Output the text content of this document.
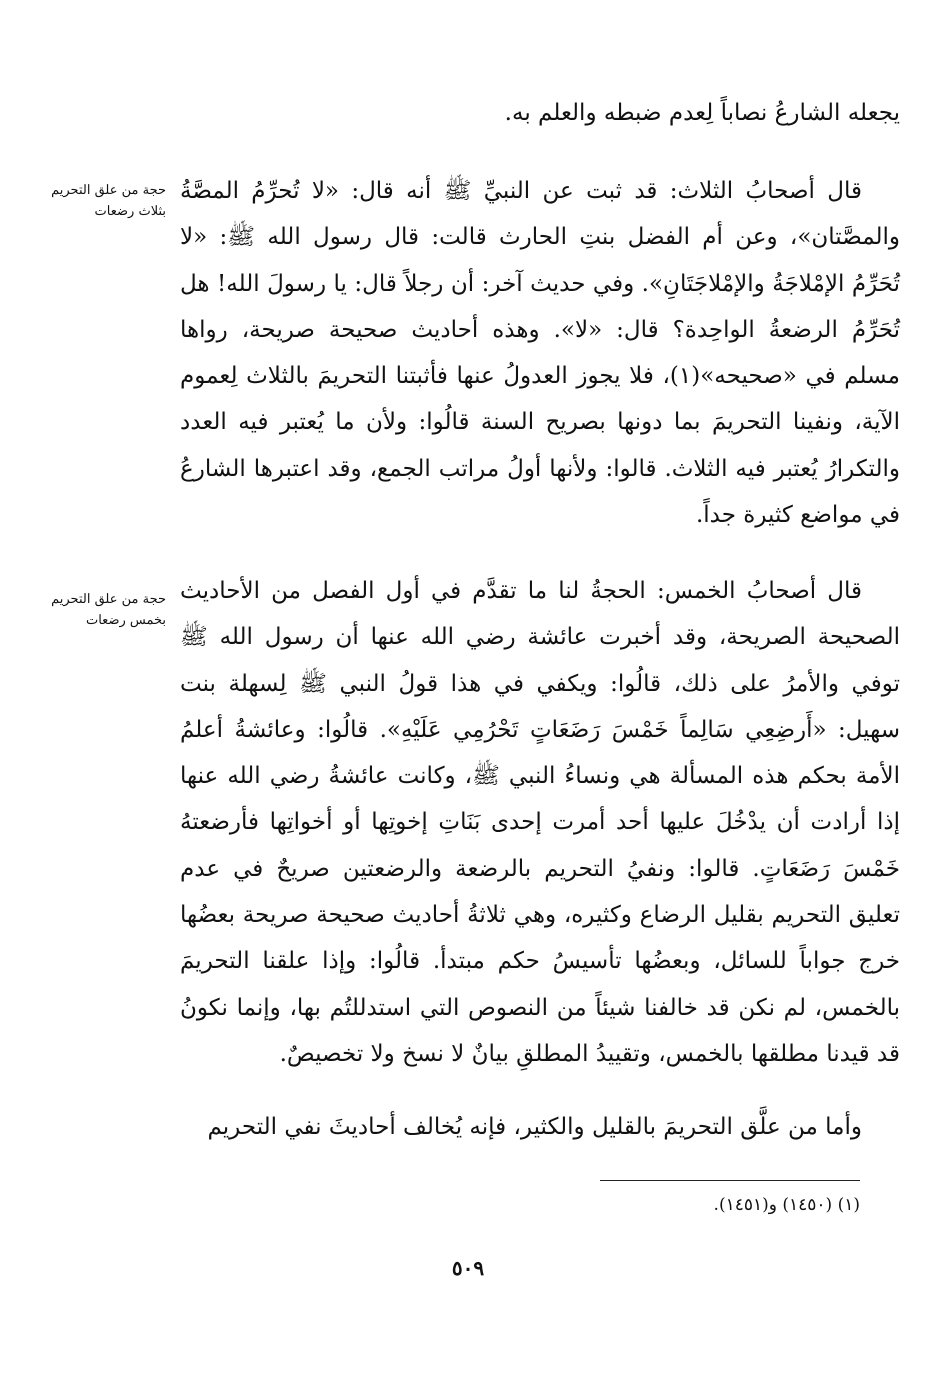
يجعله الشارعُ نصاباً لِعدم ضبطه والعلم به.

حجة من علق التحريم بثلاث رضعات

قال أصحابُ الثلاث: قد ثبت عن النبيِّ ﷺ أنه قال: «لا تُحرِّمُ المصَّةُ والمصَّتان»، وعن أم الفضل بنتِ الحارث قالت: قال رسول الله ﷺ: «لا تُحَرِّمُ الإمْلاجَةُ والإمْلاجَتَانِ». وفي حديث آخر: أن رجلاً قال: يا رسولَ الله! هل تُحَرِّمُ الرضعةُ الواحِدة؟ قال: «لا». وهذه أحاديث صحيحة صريحة، رواها مسلم في «صحيحه»(١)، فلا يجوز العدولُ عنها فأثبتنا التحريمَ بالثلاث لِعموم الآية، ونفينا التحريمَ بما دونها بصريح السنة قالُوا: ولأن ما يُعتبر فيه العدد والتكرارُ يُعتبر فيه الثلاث. قالوا: ولأنها أولُ مراتب الجمع، وقد اعتبرها الشارعُ في مواضع كثيرة جداً.

حجة من علق التحريم بخمس رضعات

قال أصحابُ الخمس: الحجةُ لنا ما تقدَّم في أول الفصل من الأحاديث الصحيحة الصريحة، وقد أخبرت عائشة رضي الله عنها أن رسول الله ﷺ توفي والأمرُ على ذلك، قالُوا: ويكفي في هذا قولُ النبي ﷺ لِسهلة بنت سهيل: «أَرضِعِي سَالِماً خَمْسَ رَضَعَاتٍ تَحْرُمِي عَلَيْهِ». قالُوا: وعائشةُ أعلمُ الأمة بحكم هذه المسألة هي ونساءُ النبي ﷺ، وكانت عائشةُ رضي الله عنها إذا أرادت أن يدْخُلَ عليها أحد أمرت إحدى بَنَاتِ إخوتِها أو أخواتِها فأرضعتهُ خَمْسَ رَضَعَاتٍ. قالوا: ونفيُ التحريم بالرضعة والرضعتين صريحٌ في عدم تعليق التحريم بقليل الرضاع وكثيره، وهي ثلاثةُ أحاديث صحيحة صريحة بعضُها خرج جواباً للسائل، وبعضُها تأسيسُ حكم مبتدأ. قالُوا: وإذا علقنا التحريمَ بالخمس، لم نكن قد خالفنا شيئاً من النصوص التي استدللتُم بها، وإنما نكونُ قد قيدنا مطلقها بالخمس، وتقييدُ المطلقِ بيانٌ لا نسخ ولا تخصيصٌ.

وأما من علَّق التحريمَ بالقليل والكثير، فإنه يُخالف أحاديثَ نفي التحريم

(١) (١٤٥٠) و(١٤٥١).

٥٠٩
